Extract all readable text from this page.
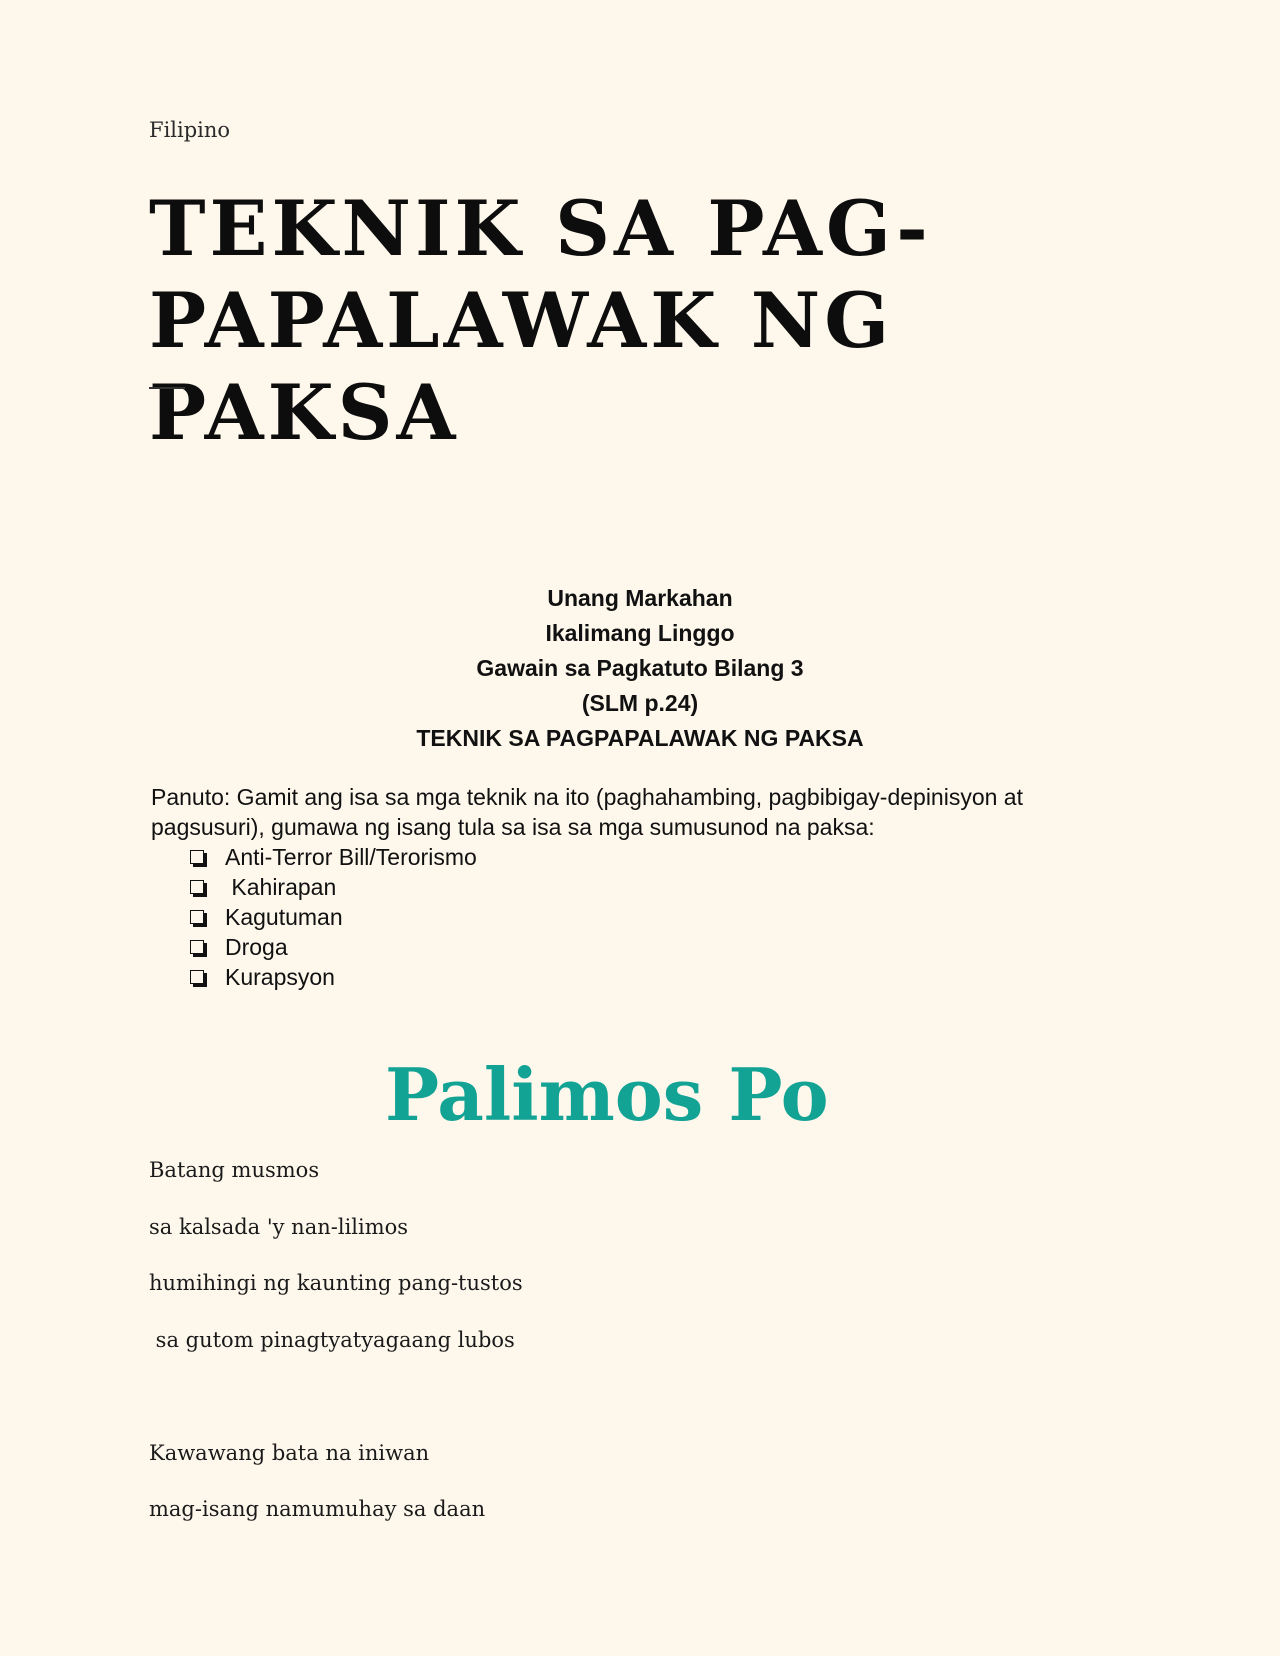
Filipino
TEKNIK SA PAG-
PAPALAWAK NG PAKSA
Unang Markahan
Ikalimang Linggo
Gawain sa Pagkatuto Bilang 3
(SLM p.24)
TEKNIK SA PAGPAPALAWAK NG PAKSA
Panuto: Gamit ang isa sa mga teknik na ito (paghahambing, pagbibigay-depinisyon at pagsusuri), gumawa ng isang tula sa isa sa mga sumusunod na paksa:
Anti-Terror Bill/Terorismo
Kahirapan
Kagutuman
Droga
Kurapsyon
Palimos Po
Batang musmos
sa kalsada 'y nan-lilimos
humihingi ng kaunting pang-tustos
sa gutom pinagtyatyagaang lubos
Kawawang bata na iniwan
mag-isang namumuhay sa daan
